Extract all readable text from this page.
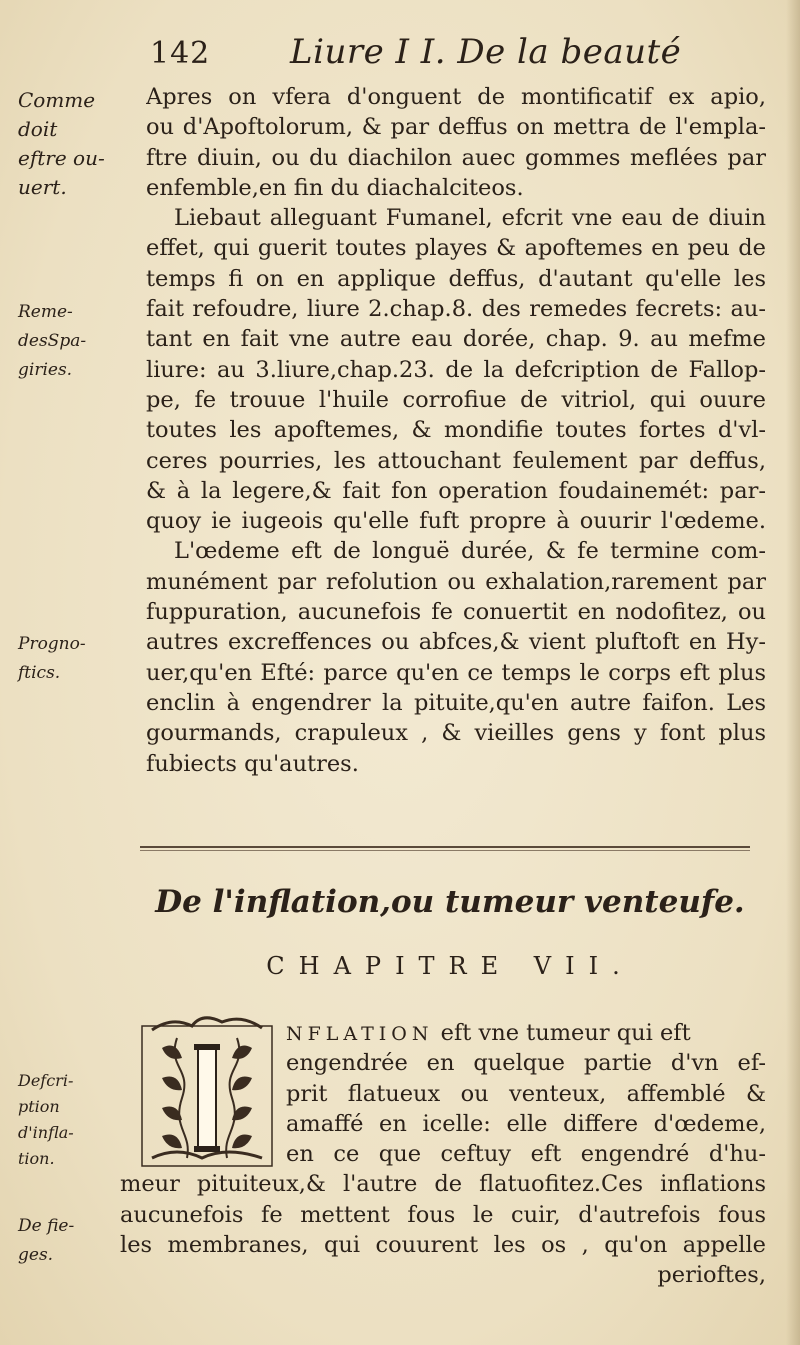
142 Liure I I. De la beauté
Comme
doit
eftre ou-
uert.
Reme-
desSpa-
giries.
Progno-
ftics.
Defcri-
ption
d'infla-
tion.
De fie-
ges.
Apres on vfera d'onguent de montificatif ex apio,
ou d'Apoftolorum, & par deffus on mettra de l'empla-
ftre diuin, ou du diachilon auec gommes meflées par
enfemble,en fin du diachalciteos.
Liebaut alleguant Fumanel, efcrit vne eau de diuin
effet, qui guerit toutes playes & apoftemes en peu de
temps fi on en applique deffus, d'autant qu'elle les
fait refoudre, liure 2.chap.8. des remedes fecrets: au-
tant en fait vne autre eau dorée, chap. 9. au mefme
liure: au 3.liure,chap.23. de la defcription de Fallop-
pe, fe trouue l'huile corrofiue de vitriol, qui ouure
toutes les apoftemes, & mondifie toutes fortes d'vl-
ceres pourries, les attouchant feulement par deffus,
& à la legere,& fait fon operation foudainemét: par-
quoy ie iugeois qu'elle fuft propre à ouurir l'œdeme.
L'œdeme eft de longuë durée, & fe termine com-
munément par refolution ou exhalation,rarement par
fuppuration, aucunefois fe conuertit en nodofitez, ou
autres excreffences ou abfces,& vient pluftoft en Hy-
uer,qu'en Efté: parce qu'en ce temps le corps eft plus
enclin à engendrer la pituite,qu'en autre faifon. Les
gourmands, crapuleux , & vieilles gens y font plus
fubiects qu'autres.
De l'inflation,ou tumeur venteufe.
CHAPITRE VII.
NFLATION eft vne tumeur qui eft
engendrée en quelque partie d'vn ef-
prit flatueux ou venteux, affemblé &
amaffé en icelle: elle differe d'œdeme,
en ce que ceftuy eft engendré d'hu-
meur pituiteux,& l'autre de flatuofitez.Ces inflations
aucunefois fe mettent fous le cuir, d'autrefois fous
les membranes, qui couurent les os , qu'on appelle
perioftes,
